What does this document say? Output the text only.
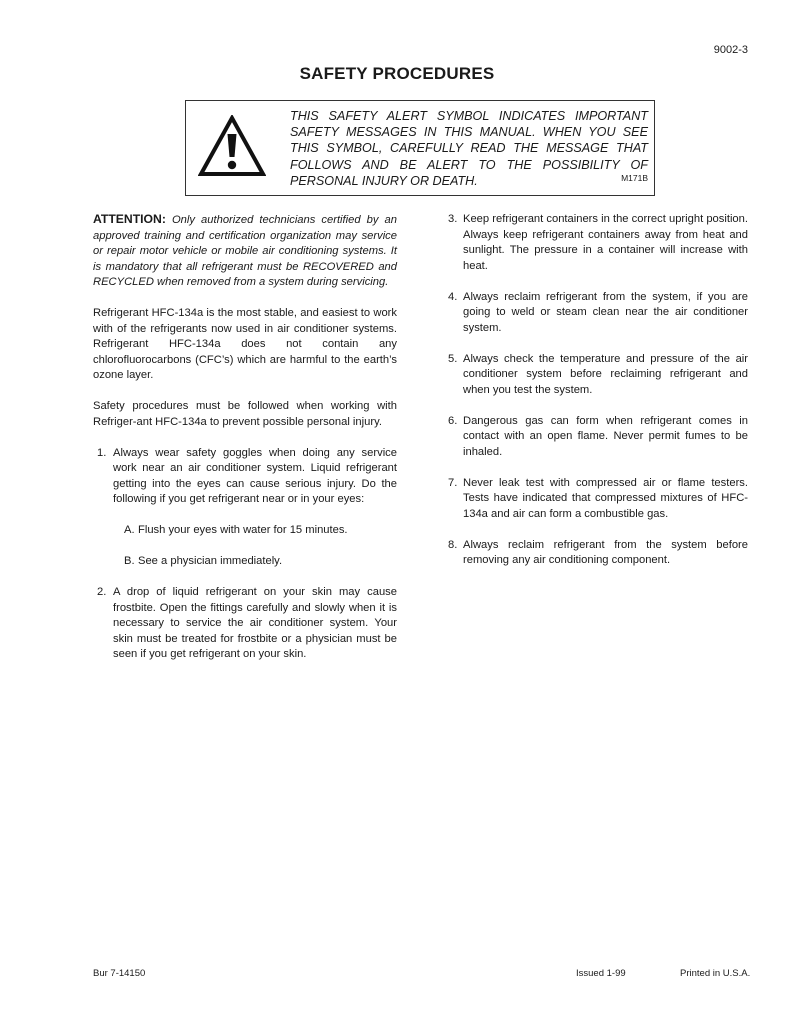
9002-3
SAFETY PROCEDURES
THIS SAFETY ALERT SYMBOL INDICATES IMPORTANT
SAFETY MESSAGES IN THIS MANUAL. WHEN YOU SEE
THIS SYMBOL, CAREFULLY READ THE MESSAGE THAT
FOLLOWS AND BE ALERT TO THE POSSIBILITY OF
PERSONAL INJURY OR DEATH.	M171B

ATTENTION: Only authorized technicians certified by an approved training and certification organization may service or repair motor vehicle or mobile air conditioning systems. It is mandatory that all refrigerant must be RECOVERED and RECYCLED when removed from a system during servicing.

Refrigerant HFC-134a is the most stable, and easiest to work with of the refrigerants now used in air conditioner systems. Refrigerant HFC-134a does not contain any chlorofluorocarbons (CFC’s) which are harmful to the earth’s ozone layer.

Safety procedures must be followed when working with Refriger-ant HFC-134a to prevent possible personal injury.

1. Always wear safety goggles when doing any service work near an air conditioner system. Liquid refrigerant getting into the eyes can cause serious injury. Do the following if you get refrigerant near or in your eyes:
A. Flush your eyes with water for 15 minutes.
B. See a physician immediately.
2. A drop of liquid refrigerant on your skin may cause frostbite. Open the fittings carefully and slowly when it is necessary to service the air conditioner system. Your skin must be treated for frostbite or a physician must be seen if you get refrigerant on your skin.
3. Keep refrigerant containers in the correct upright position. Always keep refrigerant containers away from heat and sunlight. The pressure in a container will increase with heat.
4. Always reclaim refrigerant from the system, if you are going to weld or steam clean near the air conditioner system.
5. Always check the temperature and pressure of the air conditioner system before reclaiming refrigerant and when you test the system.
6. Dangerous gas can form when refrigerant comes in contact with an open flame. Never permit fumes to be inhaled.
7. Never leak test with compressed air or flame testers. Tests have indicated that compressed mixtures of HFC-134a and air can form a combustible gas.
8. Always reclaim refrigerant from the system before removing any air conditioning component.
Bur 7-14150	Issued 1-99	Printed in U.S.A.
